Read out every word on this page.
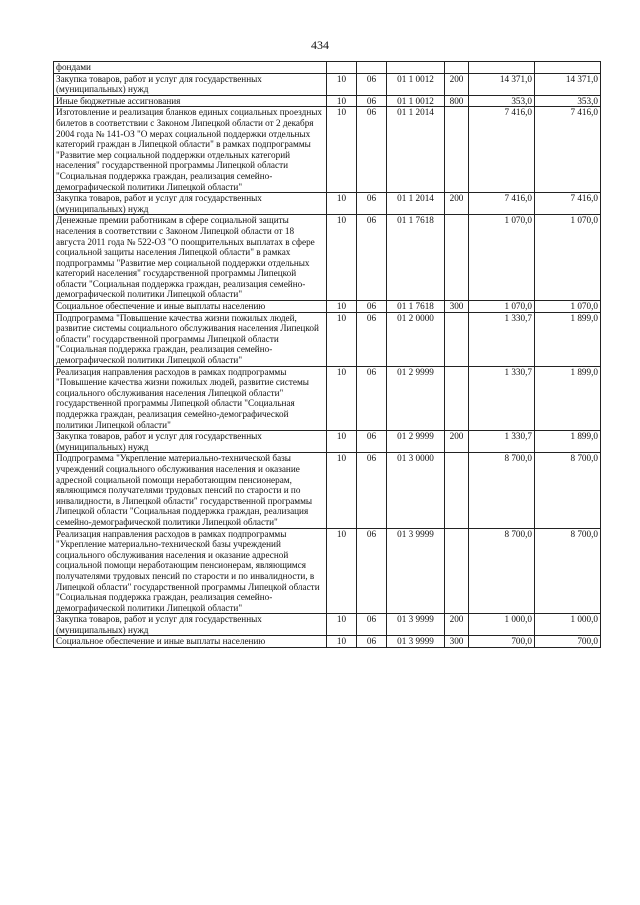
434
фондами						
Закупка товаров, работ и услуг для государственных (муниципальных) нужд	10	06	01 1 0012	200	14 371,0	14 371,0
Иные бюджетные ассигнования	10	06	01 1 0012	800	353,0	353,0
Изготовление и реализация бланков единых социальных проездных билетов в соответствии с Законом Липецкой области от 2 декабря 2004 года № 141-ОЗ "О мерах социальной поддержки отдельных категорий граждан в Липецкой области" в рамках подпрограммы "Развитие мер социальной поддержки отдельных категорий населения" государственной программы Липецкой области "Социальная поддержка граждан, реализация семейно-демографической политики Липецкой области"	10	06	01 1 2014		7 416,0	7 416,0
Закупка товаров, работ и услуг для государственных (муниципальных) нужд	10	06	01 1 2014	200	7 416,0	7 416,0
Денежные премии работникам в сфере социальной защиты населения в соответствии с Законом Липецкой области от 18 августа 2011 года № 522-ОЗ "О поощрительных выплатах в сфере социальной защиты населения Липецкой области" в рамках подпрограммы "Развитие мер социальной поддержки отдельных категорий населения" государственной программы Липецкой области "Социальная поддержка граждан, реализация семейно-демографической политики Липецкой области"	10	06	01 1 7618		1 070,0	1 070,0
Социальное обеспечение и иные выплаты населению	10	06	01 1 7618	300	1 070,0	1 070,0
Подпрограмма "Повышение качества жизни пожилых людей, развитие системы социального обслуживания населения Липецкой области" государственной программы Липецкой области "Социальная поддержка граждан, реализация семейно-демографической политики Липецкой области"	10	06	01 2 0000		1 330,7	1 899,0
Реализация направления расходов в рамках подпрограммы "Повышение качества жизни пожилых людей, развитие системы социального обслуживания населения Липецкой области" государственной программы Липецкой области "Социальная поддержка граждан, реализация семейно-демографической политики Липецкой области"	10	06	01 2 9999		1 330,7	1 899,0
Закупка товаров, работ и услуг для государственных (муниципальных) нужд	10	06	01 2 9999	200	1 330,7	1 899,0
Подпрограмма "Укрепление материально-технической базы учреждений социального обслуживания населения и оказание адресной социальной помощи неработающим пенсионерам, являющимся получателями трудовых пенсий по старости и по инвалидности, в Липецкой области" государственной программы Липецкой области "Социальная поддержка граждан, реализация семейно-демографической политики Липецкой области"	10	06	01 3 0000		8 700,0	8 700,0
Реализация направления расходов в рамках подпрограммы "Укрепление материально-технической базы учреждений социального обслуживания населения и оказание адресной социальной помощи неработающим пенсионерам, являющимся получателями трудовых пенсий по старости и по инвалидности, в Липецкой области" государственной программы Липецкой области "Социальная поддержка граждан, реализация семейно-демографической политики Липецкой области"	10	06	01 3 9999		8 700,0	8 700,0
Закупка товаров, работ и услуг для государственных (муниципальных) нужд	10	06	01 3 9999	200	1 000,0	1 000,0
Социальное обеспечение и иные выплаты населению	10	06	01 3 9999	300	700,0	700,0
